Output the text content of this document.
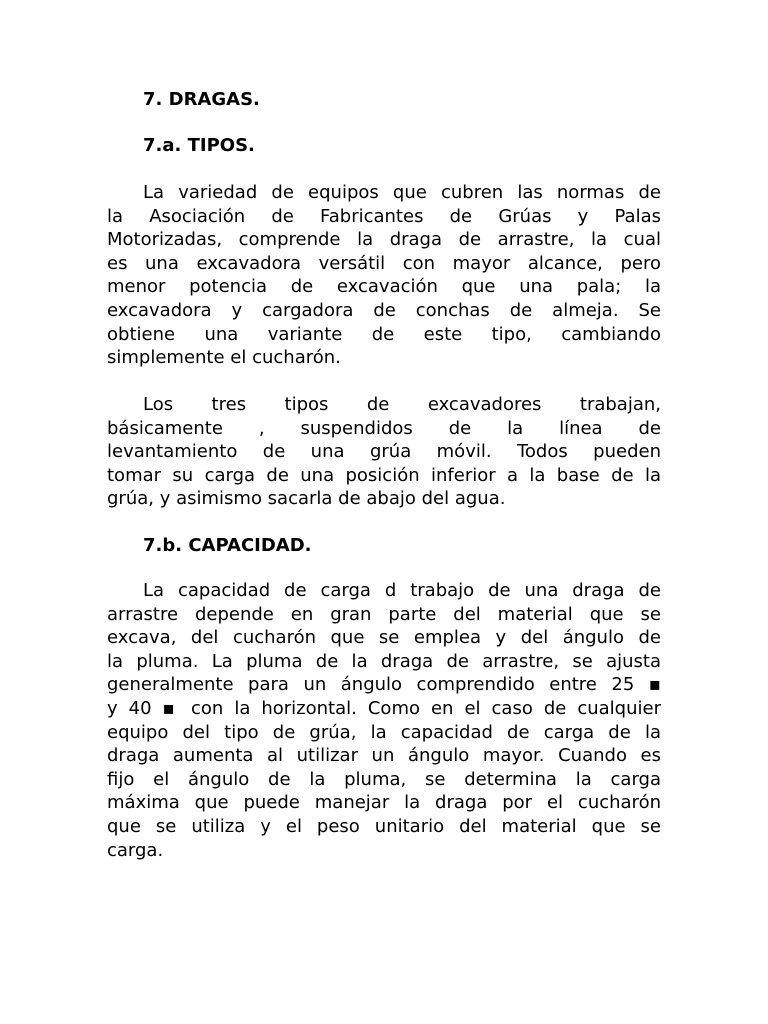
7. DRAGAS.
7.a. TIPOS.
La variedad de equipos que cubren las normas de
la Asociación de Fabricantes de Grúas y Palas
Motorizadas, comprende la draga de arrastre, la cual
es una excavadora versátil con mayor alcance, pero
menor potencia de excavación que una pala; la
excavadora y cargadora de conchas de almeja. Se
obtiene una variante de este tipo, cambiando
simplemente el cucharón.
Los tres tipos de excavadores trabajan,
básicamente , suspendidos de la línea de
levantamiento de una grúa móvil. Todos pueden
tomar su carga de una posición inferior a la base de la
grúa, y asimismo sacarla de abajo del agua.
7.b. CAPACIDAD.
La capacidad de carga d trabajo de una draga de
arrastre depende en gran parte del material que se
excava, del cucharón que se emplea y del ángulo de
la pluma. La pluma de la draga de arrastre, se ajusta
generalmente para un ángulo comprendido entre 25 ▪
y 40 ▪ con la horizontal. Como en el caso de cualquier
equipo del tipo de grúa, la capacidad de carga de la
draga aumenta al utilizar un ángulo mayor. Cuando es
fijo el ángulo de la pluma, se determina la carga
máxima que puede manejar la draga por el cucharón
que se utiliza y el peso unitario del material que se
carga.
